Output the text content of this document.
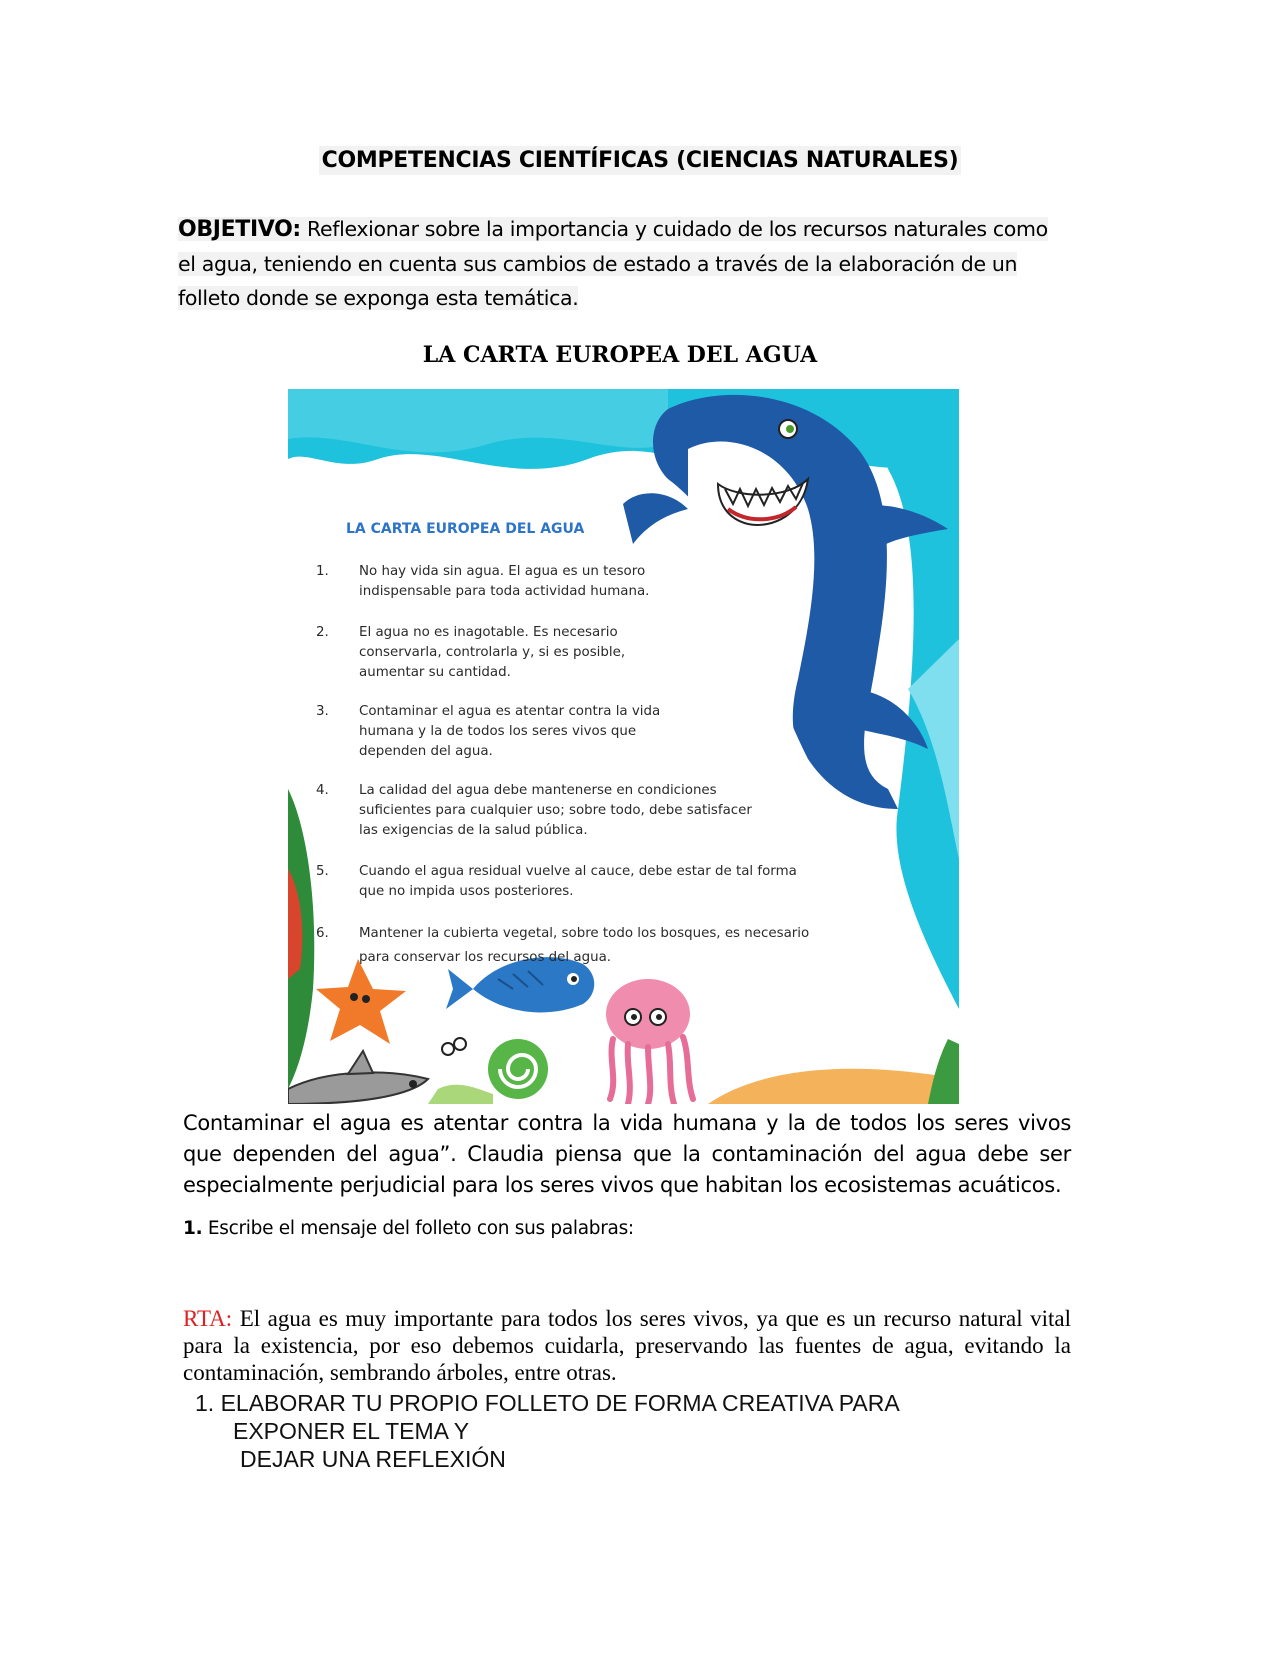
COMPETENCIAS CIENTÍFICAS (CIENCIAS NATURALES)
OBJETIVO: Reflexionar sobre la importancia y cuidado de los recursos naturales como
el agua, teniendo en cuenta sus cambios de estado a través de la elaboración de un
folleto donde se exponga esta temática.
LA CARTA EUROPEA DEL AGUA
LA CARTA EUROPEA DEL AGUA
1. No hay vida sin agua. El agua es un tesoro
indispensable para toda actividad humana.
2. El agua no es inagotable. Es necesario
conservarla, controlarla y, si es posible,
aumentar su cantidad.
3. Contaminar el agua es atentar contra la vida
humana y la de todos los seres vivos que
dependen del agua.
4. La calidad del agua debe mantenerse en condiciones
suficientes para cualquier uso; sobre todo, debe satisfacer
las exigencias de la salud pública.
5. Cuando el agua residual vuelve al cauce, debe estar de tal forma
que no impida usos posteriores.
6. Mantener la cubierta vegetal, sobre todo los bosques, es necesario
para conservar los recursos del agua.
Contaminar el agua es atentar contra la vida humana y la de todos los seres vivos que dependen del agua”. Claudia piensa que la contaminación del agua debe ser especialmente perjudicial para los seres vivos que habitan los ecosistemas acuáticos.
1. Escribe el mensaje del folleto con sus palabras:
RTA: El agua es muy importante para todos los seres vivos, ya que es un recurso natural vital para la existencia, por eso debemos cuidarla, preservando las fuentes de agua, evitando la contaminación, sembrando árboles, entre otras.
1. ELABORAR TU PROPIO FOLLETO DE FORMA CREATIVA PARA
EXPONER EL TEMA Y
DEJAR UNA REFLEXIÓN
